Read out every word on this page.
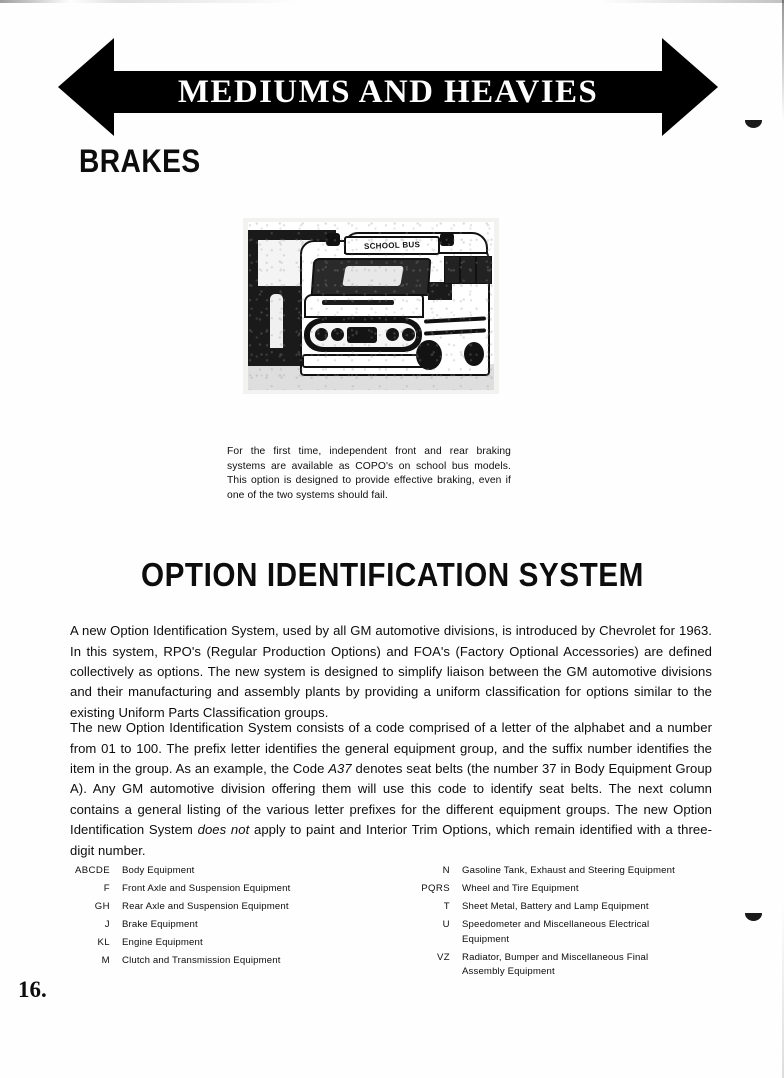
MEDIUMS AND HEAVIES
BRAKES
SCHOOL BUS
For the first time, independent front and rear braking systems are available as COPO's on school bus models. This option is designed to provide effective braking, even if one of the two systems should fail.
OPTION IDENTIFICATION SYSTEM

A new Option Identification System, used by all GM automotive divisions, is introduced by Chevrolet for 1963. In this system, RPO's (Regular Production Options) and FOA's (Factory Optional Accessories) are defined collectively as options. The new system is designed to simplify liaison between the GM automotive divisions and their manufacturing and assembly plants by providing a uniform classification for options similar to the existing Uniform Parts Classification groups.

The new Option Identification System consists of a code comprised of a letter of the alphabet and a number from 01 to 100. The prefix letter identifies the general equipment group, and the suffix number identifies the item in the group. As an example, the Code A37 denotes seat belts (the number 37 in Body Equipment Group A). Any GM automotive division offering them will use this code to identify seat belts. The next column contains a general listing of the various letter prefixes for the different equipment groups. The new Option Identification System does not apply to paint and Interior Trim Options, which remain identified with a three-digit number.

ABCDE	Body Equipment
F	Front Axle and Suspension Equipment
GH	Rear Axle and Suspension Equipment
J	Brake Equipment
KL	Engine Equipment
M	Clutch and Transmission Equipment
N	Gasoline Tank, Exhaust and Steering Equipment
PQRS	Wheel and Tire Equipment
T	Sheet Metal, Battery and Lamp Equipment
U	Speedometer and Miscellaneous Electrical
Equipment
VZ	Radiator, Bumper and Miscellaneous Final
Assembly Equipment
16.
